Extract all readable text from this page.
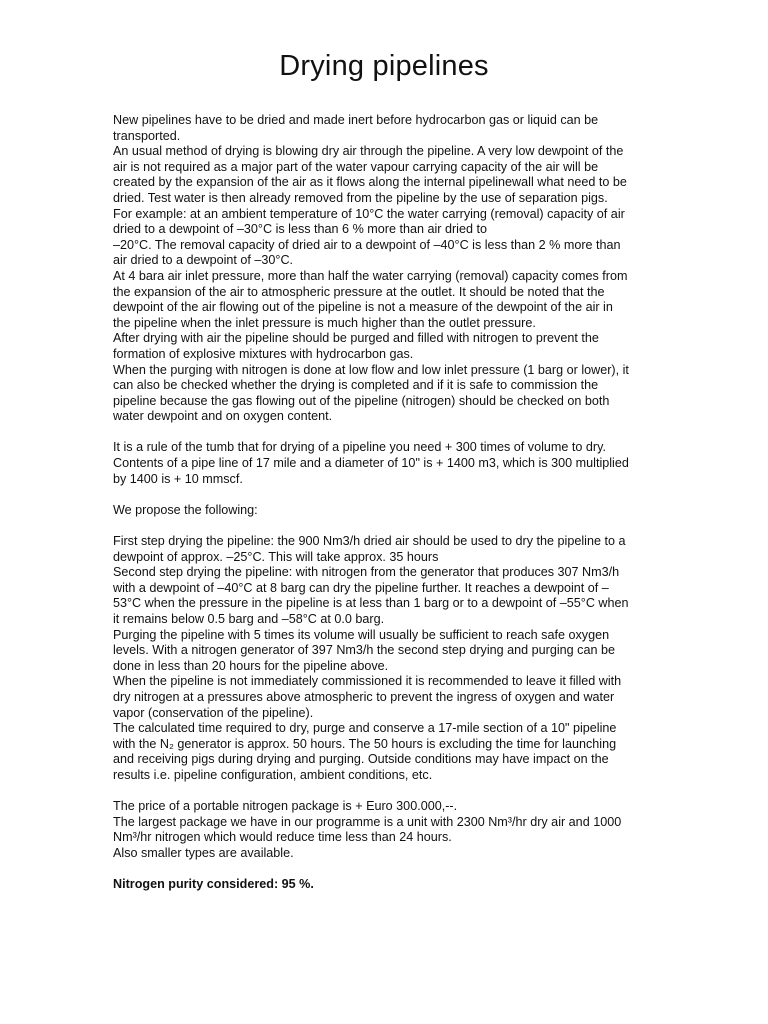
Drying pipelines
New pipelines have to be dried and made inert before hydrocarbon gas or liquid can be
transported.
An usual method of drying is blowing dry air through the pipeline. A very low dewpoint of the
air is not required as a major part of the water vapour carrying capacity of the air will be
created by the expansion of the air as it flows along the internal pipelinewall what need to be
dried. Test water is then already removed from the pipeline by the use of separation pigs.
For example: at an ambient temperature of 10°C the water carrying (removal) capacity of air
dried to a dewpoint of –30°C is less than 6 % more than air dried to
–20°C. The removal capacity of dried air to a dewpoint of –40°C is less than 2 % more than
air dried to a dewpoint of –30°C.
At 4 bara air inlet pressure, more than half the water carrying (removal) capacity comes from
the expansion of the air to atmospheric pressure at the outlet. It should be noted that the
dewpoint of the air flowing out of the pipeline is not a measure of the dewpoint of the air in
the pipeline when the inlet pressure is much higher than the outlet pressure.
After drying with air the pipeline should be purged and filled with nitrogen to prevent the
formation of explosive mixtures with hydrocarbon gas.
When the purging with nitrogen is done at low flow and low inlet pressure (1 barg or lower), it
can also be checked whether the drying is completed and if it is safe to commission the
pipeline because the gas flowing out of the pipeline (nitrogen) should be checked on both
water dewpoint and on oxygen content.
It is a rule of the tumb that for drying of a pipeline you need + 300 times of volume to dry.
Contents of a pipe line of 17 mile and a diameter of 10" is + 1400 m3, which is 300 multiplied
by 1400 is + 10 mmscf.
We propose the following:
First step drying the pipeline: the 900 Nm3/h dried air should be used to dry the pipeline to a
dewpoint of approx. –25°C. This will take approx. 35 hours
Second step drying the pipeline: with nitrogen from the generator that produces 307 Nm3/h
with a dewpoint of –40°C at 8 barg can dry the pipeline further. It reaches a dewpoint of –
53°C when the pressure in the pipeline is at less than 1 barg or to a dewpoint of –55°C when
it remains below 0.5 barg and –58°C at 0.0 barg.
Purging the pipeline with 5 times its volume will usually be sufficient to reach safe oxygen
levels. With a nitrogen generator of 397 Nm3/h the second step drying and purging can be
done in less than 20 hours for the pipeline above.
When the pipeline is not immediately commissioned it is recommended to leave it filled with
dry nitrogen at a pressures above atmospheric to prevent the ingress of oxygen and water
vapor (conservation of the pipeline).
The calculated time required to dry, purge and conserve a 17-mile section of a 10" pipeline
with the N₂ generator is approx. 50 hours. The 50 hours is excluding the time for launching
and receiving pigs during drying and purging. Outside conditions may have impact on the
results i.e. pipeline configuration, ambient conditions, etc.
The price of a portable nitrogen package is + Euro 300.000,--.
The largest package we have in our programme is a unit with 2300 Nm³/hr dry air and 1000
Nm³/hr nitrogen which would reduce time less than 24 hours.
Also smaller types are available.
Nitrogen purity considered: 95 %.
